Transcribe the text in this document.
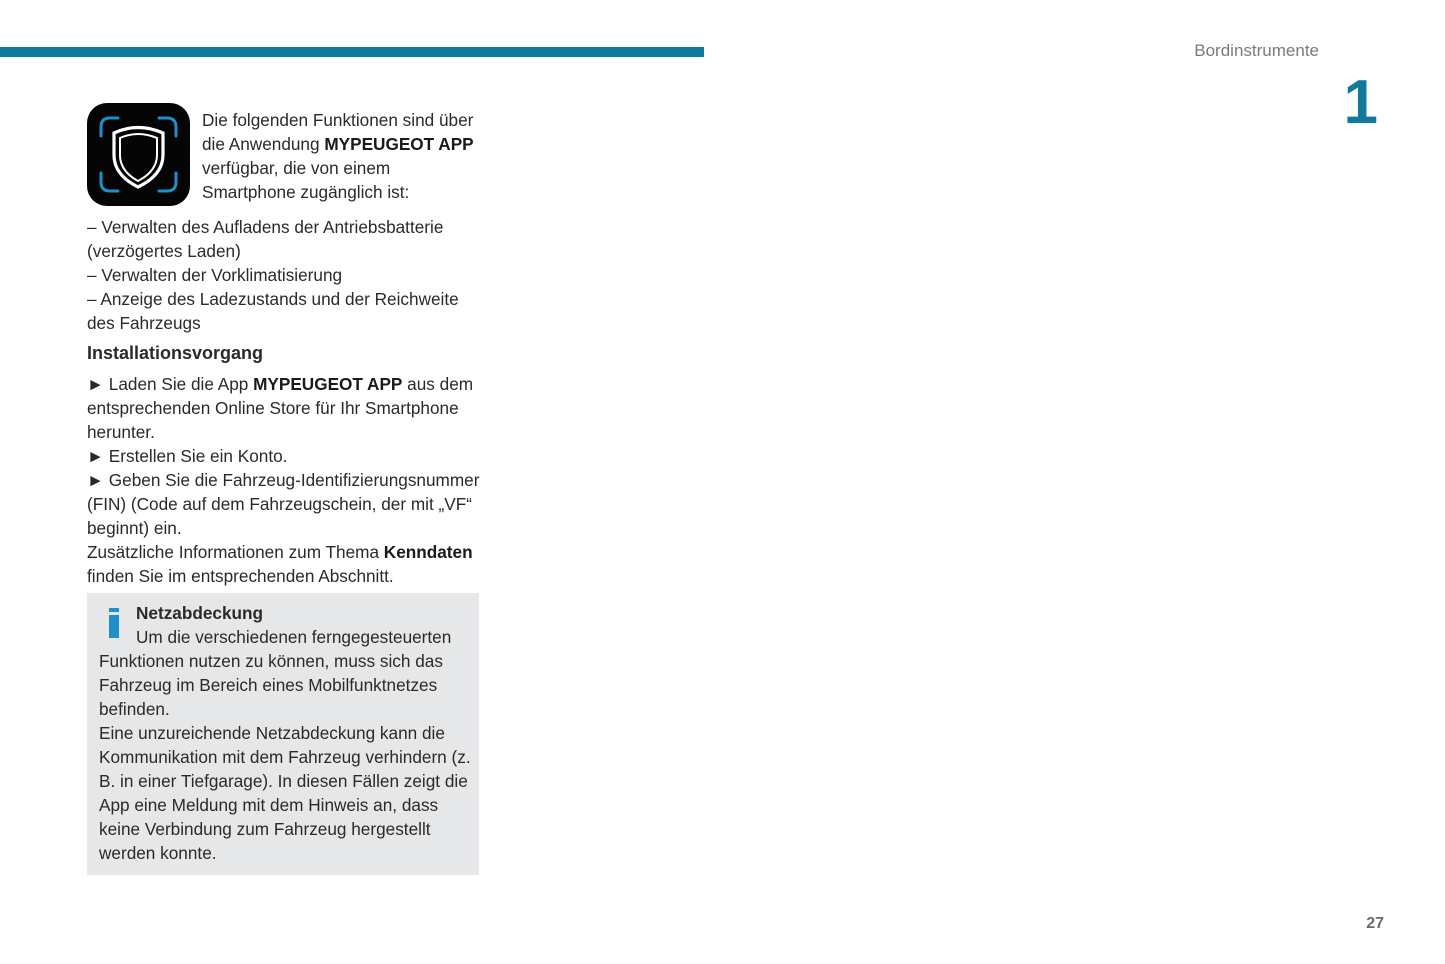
Bordinstrumente
1
Die folgenden Funktionen sind über die Anwendung MYPEUGEOT APP verfügbar, die von einem Smartphone zugänglich ist:
– Verwalten des Aufladens der Antriebsbatterie (verzögertes Laden)
– Verwalten der Vorklimatisierung
– Anzeige des Ladezustands und der Reichweite des Fahrzeugs
Installationsvorgang

► Laden Sie die App MYPEUGEOT APP aus dem entsprechenden Online Store für Ihr Smartphone herunter.

► Erstellen Sie ein Konto.

► Geben Sie die Fahrzeug-Identifizierungsnummer (FIN) (Code auf dem Fahrzeugschein, der mit „VF“ beginnt) ein.

Zusätzliche Informationen zum Thema Kenndaten finden Sie im entsprechenden Abschnitt.

Netzabdeckung

Um die verschiedenen ferngegesteuerten Funktionen nutzen zu können, muss sich das Fahrzeug im Bereich eines Mobilfunktnetzes befinden.

Eine unzureichende Netzabdeckung kann die Kommunikation mit dem Fahrzeug verhindern (z. B. in einer Tiefgarage). In diesen Fällen zeigt die App eine Meldung mit dem Hinweis an, dass keine Verbindung zum Fahrzeug hergestellt werden konnte.

27
